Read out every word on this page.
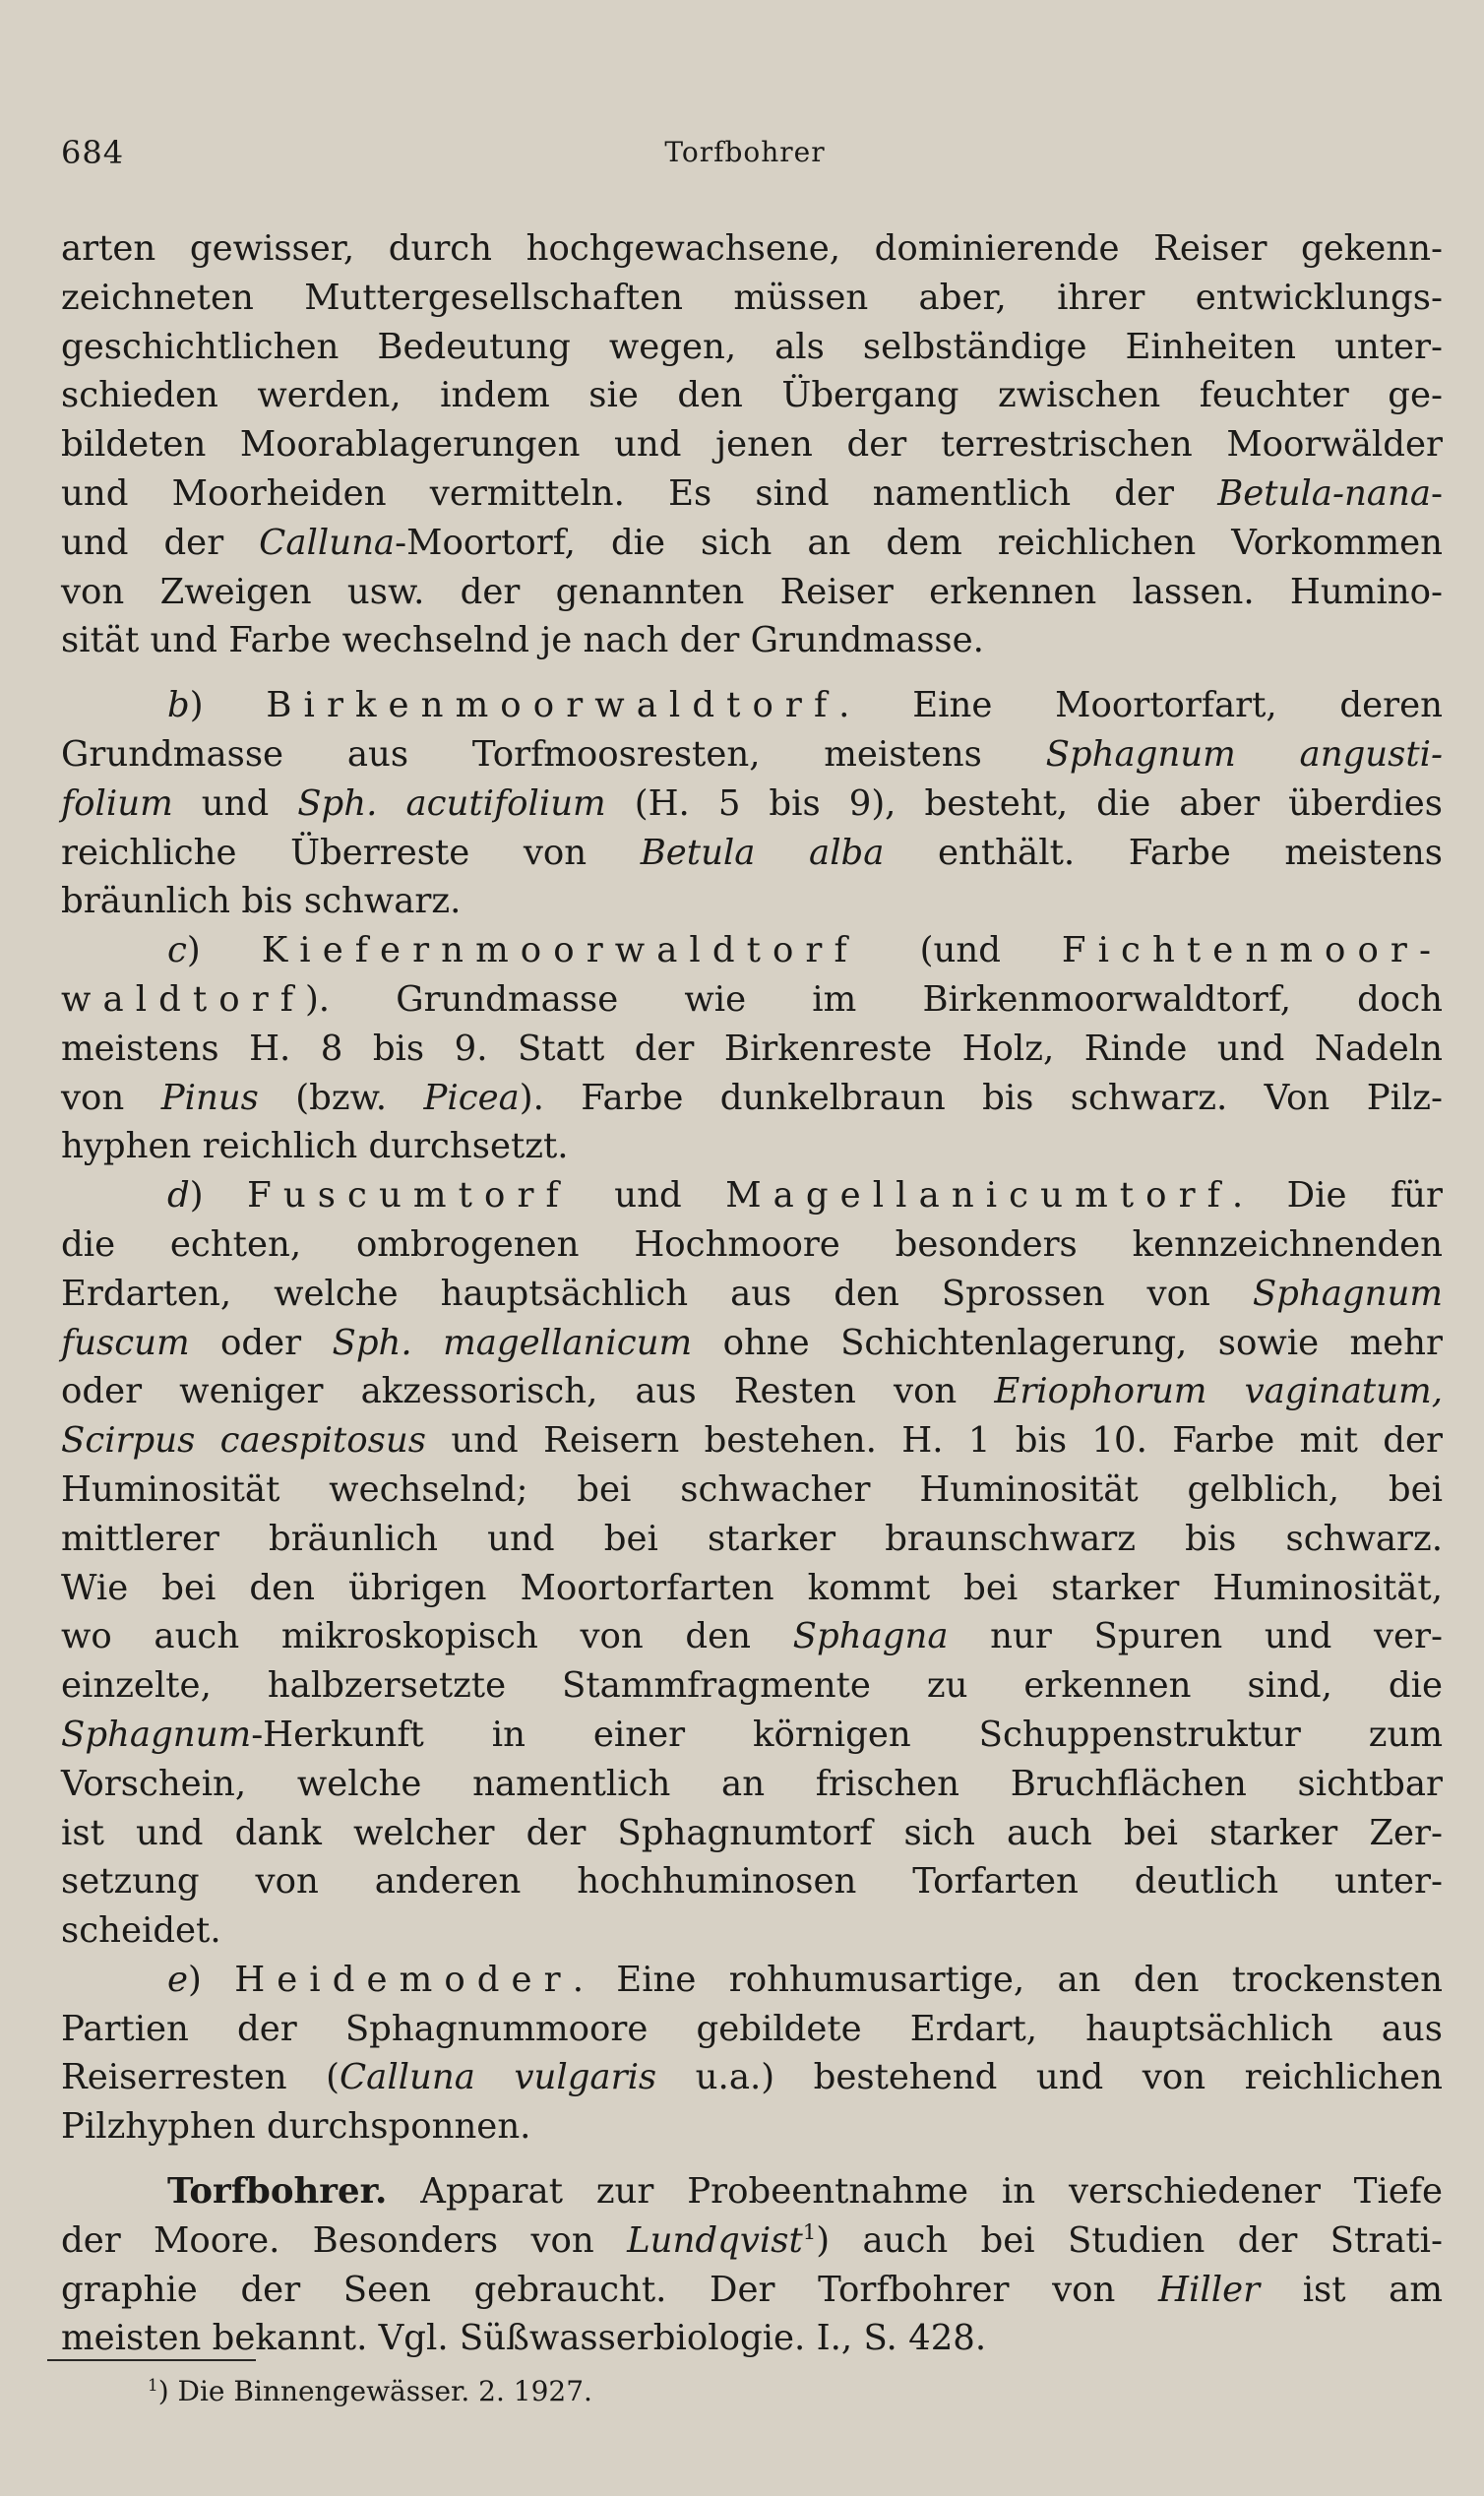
684	Torfbohrer
arten gewisser, durch hochgewachsene, dominierende Reiser gekenn-
zeichneten Muttergesellschaften müssen aber, ihrer entwicklungs-
geschichtlichen Bedeutung wegen, als selbständige Einheiten unter-
schieden werden, indem sie den Übergang zwischen feuchter ge-
bildeten Moorablagerungen und jenen der terrestrischen Moorwälder
und Moorheiden vermitteln. Es sind namentlich der Betula-nana-
und der Calluna-Moortorf, die sich an dem reichlichen Vorkommen
von Zweigen usw. der genannten Reiser erkennen lassen. Humino-
sität und Farbe wechselnd je nach der Grundmasse.
b) Birkenmoorwaldtorf. Eine Moortorfart, deren
Grundmasse aus Torfmoosresten, meistens Sphagnum angusti-
folium und Sph. acutifolium (H. 5 bis 9), besteht, die aber überdies
reichliche Überreste von Betula alba enthält. Farbe meistens
bräunlich bis schwarz.
c) Kiefernmoorwaldtorf (und Fichtenmoor-
waldtorf). Grundmasse wie im Birkenmoorwaldtorf, doch
meistens H. 8 bis 9. Statt der Birkenreste Holz, Rinde und Nadeln
von Pinus (bzw. Picea). Farbe dunkelbraun bis schwarz. Von Pilz-
hyphen reichlich durchsetzt.
d) Fuscumtorf und Magellanicumtorf. Die für
die echten, ombrogenen Hochmoore besonders kennzeichnenden
Erdarten, welche hauptsächlich aus den Sprossen von Sphagnum
fuscum oder Sph. magellanicum ohne Schichtenlagerung, sowie mehr
oder weniger akzessorisch, aus Resten von Eriophorum vaginatum,
Scirpus caespitosus und Reisern bestehen. H. 1 bis 10. Farbe mit der
Huminosität wechselnd; bei schwacher Huminosität gelblich, bei
mittlerer bräunlich und bei starker braunschwarz bis schwarz.
Wie bei den übrigen Moortorfarten kommt bei starker Huminosität,
wo auch mikroskopisch von den Sphagna nur Spuren und ver-
einzelte, halbzersetzte Stammfragmente zu erkennen sind, die
Sphagnum-Herkunft in einer körnigen Schuppenstruktur zum
Vorschein, welche namentlich an frischen Bruchflächen sichtbar
ist und dank welcher der Sphagnumtorf sich auch bei starker Zer-
setzung von anderen hochhuminosen Torfarten deutlich unter-
scheidet.
e) Heidemoder. Eine rohhumusartige, an den trockensten
Partien der Sphagnummoore gebildete Erdart, hauptsächlich aus
Reiserresten (Calluna vulgaris u.a.) bestehend und von reichlichen
Pilzhyphen durchsponnen.
Torfbohrer. Apparat zur Probeentnahme in verschiedener Tiefe
der Moore. Besonders von Lundqvist$^1$) auch bei Studien der Strati-
graphie der Seen gebraucht. Der Torfbohrer von Hiller ist am
meisten bekannt. Vgl. Süßwasserbiologie. I., S. 428.
$^1$) Die Binnengewässer. 2. 1927.
